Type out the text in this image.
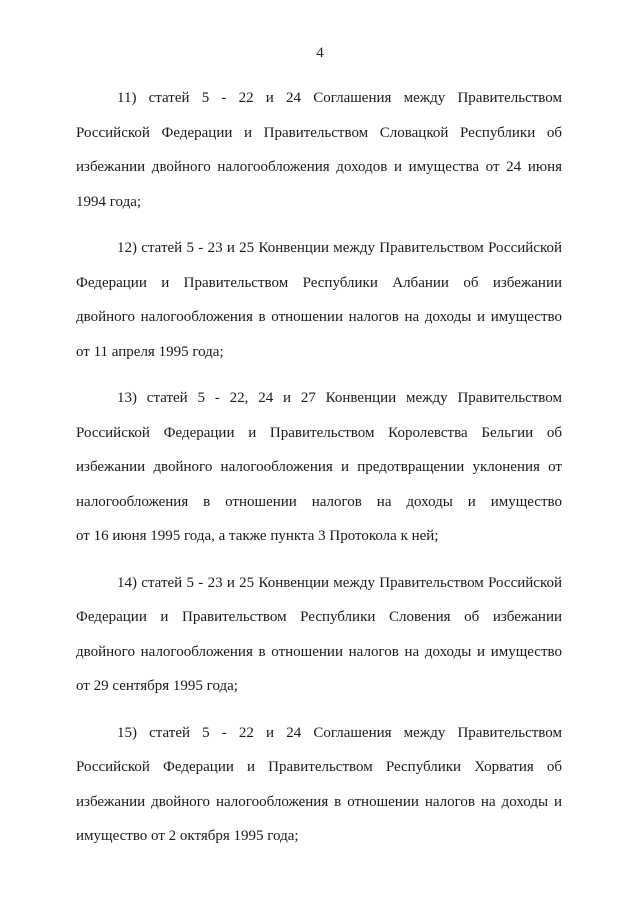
4
11) статей 5 - 22 и 24 Соглашения между Правительством
Российской Федерации и Правительством Словацкой Республики об
избежании двойного налогообложения доходов и имущества от 24 июня
1994 года;
12) статей 5 - 23 и 25 Конвенции между Правительством Российской
Федерации и Правительством Республики Албании об избежании
двойного налогообложения в отношении налогов на доходы и имущество
от 11 апреля 1995 года;
13) статей 5 - 22, 24 и 27 Конвенции между Правительством
Российской Федерации и Правительством Королевства Бельгии об
избежании двойного налогообложения и предотвращении уклонения от
налогообложения в отношении налогов на доходы и имущество
от 16 июня 1995 года, а также пункта 3 Протокола к ней;
14) статей 5 - 23 и 25 Конвенции между Правительством Российской
Федерации и Правительством Республики Словения об избежании
двойного налогообложения в отношении налогов на доходы и имущество
от 29 сентября 1995 года;
15) статей 5 - 22 и 24 Соглашения между Правительством
Российской Федерации и Правительством Республики Хорватия об
избежании двойного налогообложения в отношении налогов на доходы и
имущество от 2 октября 1995 года;
